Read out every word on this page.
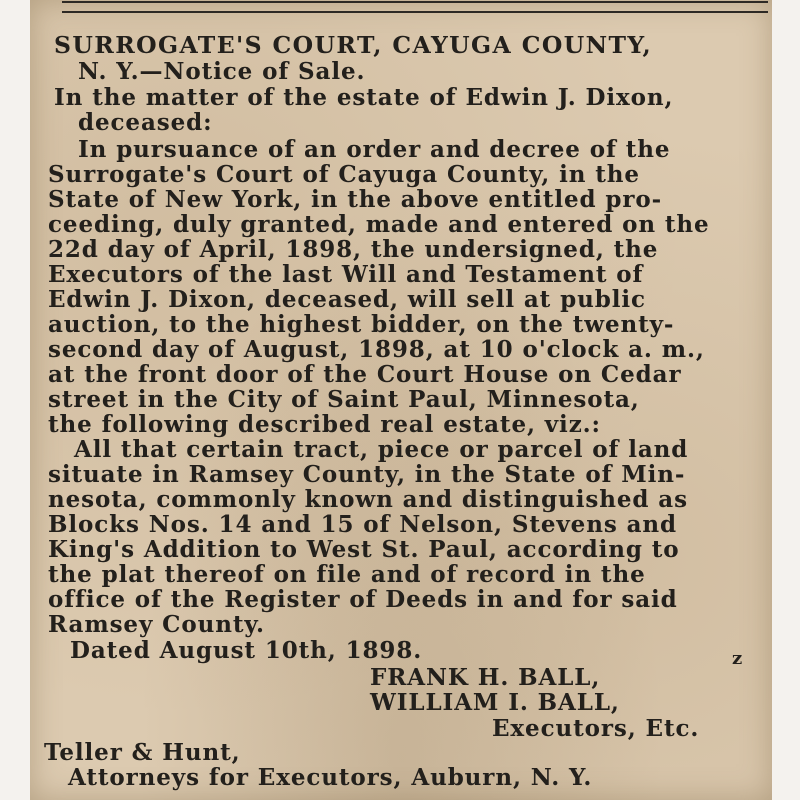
SURROGATE'S COURT, CAYUGA COUNTY,
N. Y.—Notice of Sale.
In the matter of the estate of Edwin J. Dixon,
deceased:
In pursuance of an order and decree of the
Surrogate's Court of Cayuga County, in the
State of New York, in the above entitled pro-
ceeding, duly granted, made and entered on the
22d day of April, 1898, the undersigned, the
Executors of the last Will and Testament of
Edwin J. Dixon, deceased, will sell at public
auction, to the highest bidder, on the twenty-
second day of August, 1898, at 10 o'clock a. m.,
at the front door of the Court House on Cedar
street in the City of Saint Paul, Minnesota,
the following described real estate, viz.:
All that certain tract, piece or parcel of land
situate in Ramsey County, in the State of Min-
nesota, commonly known and distinguished as
Blocks Nos. 14 and 15 of Nelson, Stevens and
King's Addition to West St. Paul, according to
the plat thereof on file and of record in the
office of the Register of Deeds in and for said
Ramsey County.
Dated August 10th, 1898.	z
FRANK H. BALL,
WILLIAM I. BALL,
Executors, Etc.
Teller & Hunt,
Attorneys for Executors, Auburn, N. Y.
